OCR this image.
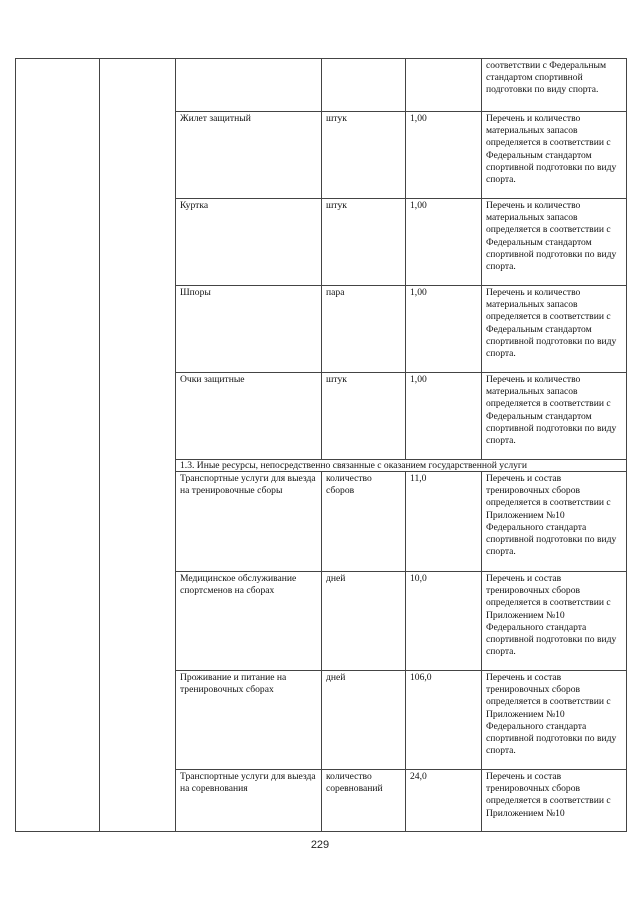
					соответствии с Федеральным стандартом спортивной подготовки по виду спорта.
		Жилет защитный	штук	1,00	Перечень и количество материальных запасов определяется в соответствии с Федеральным стандартом спортивной подготовки по виду спорта.
		Куртка	штук	1,00	Перечень и количество материальных запасов определяется в соответствии с Федеральным стандартом спортивной подготовки по виду спорта.
		Шпоры	пара	1,00	Перечень и количество материальных запасов определяется в соответствии с Федеральным стандартом спортивной подготовки по виду спорта.
		Очки защитные	штук	1,00	Перечень и количество материальных запасов определяется в соответствии с Федеральным стандартом спортивной подготовки по виду спорта.
		1.3. Иные ресурсы, непосредственно связанные с оказанием государственной услуги			
		Транспортные услуги для выезда на тренировочные сборы	количество сборов	11,0	Перечень и состав тренировочных сборов определяется в соответствии с Приложением №10 Федерального стандарта спортивной подготовки по виду спорта.
		Медицинское обслуживание спортсменов на сборах	дней	10,0	Перечень и состав тренировочных сборов определяется в соответствии с Приложением №10 Федерального стандарта спортивной подготовки по виду спорта.
		Проживание и питание на тренировочных сборах	дней	106,0	Перечень и состав тренировочных сборов определяется в соответствии с Приложением №10 Федерального стандарта спортивной подготовки по виду спорта.
		Транспортные услуги для выезда на соревнования	количество соревнований	24,0	Перечень и состав тренировочных сборов определяется в соответствии с Приложением №10
229
